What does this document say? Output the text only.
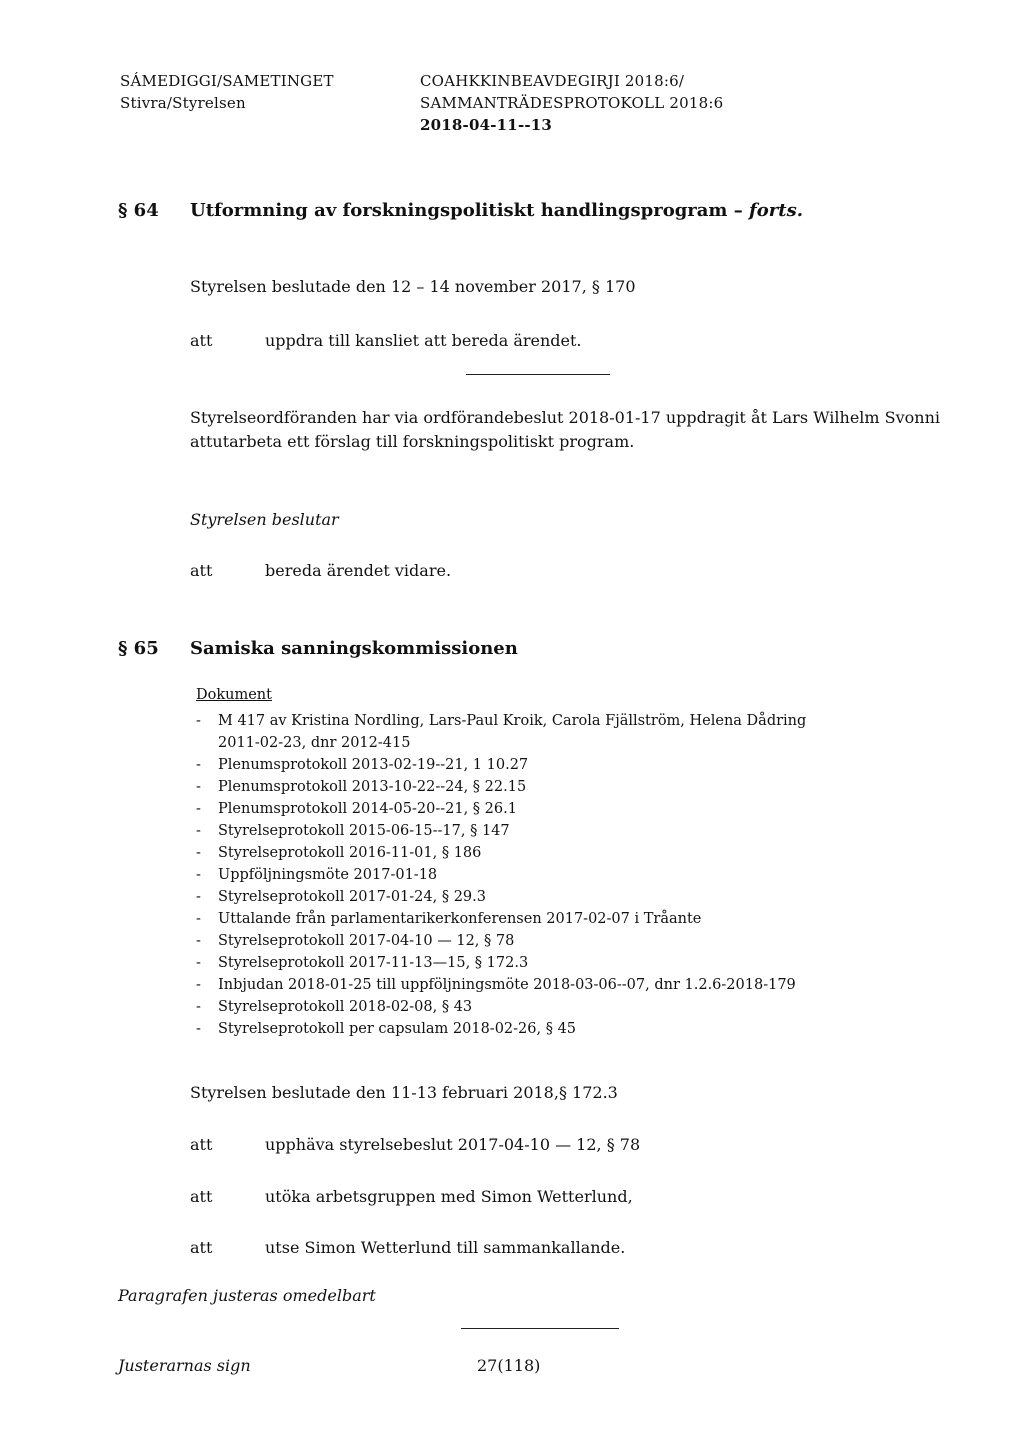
SÁMEDIGGI/SAMETINGET
Stivra/Styrelsen
COAHKKINBEAVDEGIRJI 2018:6/
SAMMANTRÄDESPROTOKOLL 2018:6
2018-04-11--13
§ 64 Utformning av forskningspolitiskt handlingsprogram – forts.
Styrelsen beslutade den 12 – 14 november 2017, § 170
att	uppdra till kansliet att bereda ärendet.
Styrelseordföranden har via ordförandebeslut 2018-01-17 uppdragit åt Lars Wilhelm Svonni
attutarbeta ett förslag till forskningspolitiskt program.
Styrelsen beslutar
att	bereda ärendet vidare.
§ 65 Samiska sanningskommissionen
Dokument
- M 417 av Kristina Nordling, Lars-Paul Kroik, Carola Fjällström, Helena Dådring
2011-02-23, dnr 2012-415
- Plenumsprotokoll 2013-02-19--21, 1 10.27
- Plenumsprotokoll 2013-10-22--24, § 22.15
- Plenumsprotokoll 2014-05-20--21, § 26.1
- Styrelseprotokoll 2015-06-15--17, § 147
- Styrelseprotokoll 2016-11-01, § 186
- Uppföljningsmöte 2017-01-18
- Styrelseprotokoll 2017-01-24, § 29.3
- Uttalande från parlamentarikerkonferensen 2017-02-07 i Tråante
- Styrelseprotokoll 2017-04-10 — 12, § 78
- Styrelseprotokoll 2017-11-13—15, § 172.3
- Inbjudan 2018-01-25 till uppföljningsmöte 2018-03-06--07, dnr 1.2.6-2018-179
- Styrelseprotokoll 2018-02-08, § 43
- Styrelseprotokoll per capsulam 2018-02-26, § 45
Styrelsen beslutade den 11-13 februari 2018,§ 172.3
att	upphäva styrelsebeslut 2017-04-10 — 12, § 78
att	utöka arbetsgruppen med Simon Wetterlund,
att	utse Simon Wetterlund till sammankallande.
Paragrafen justeras omedelbart
Justerarnas sign	27(118)
